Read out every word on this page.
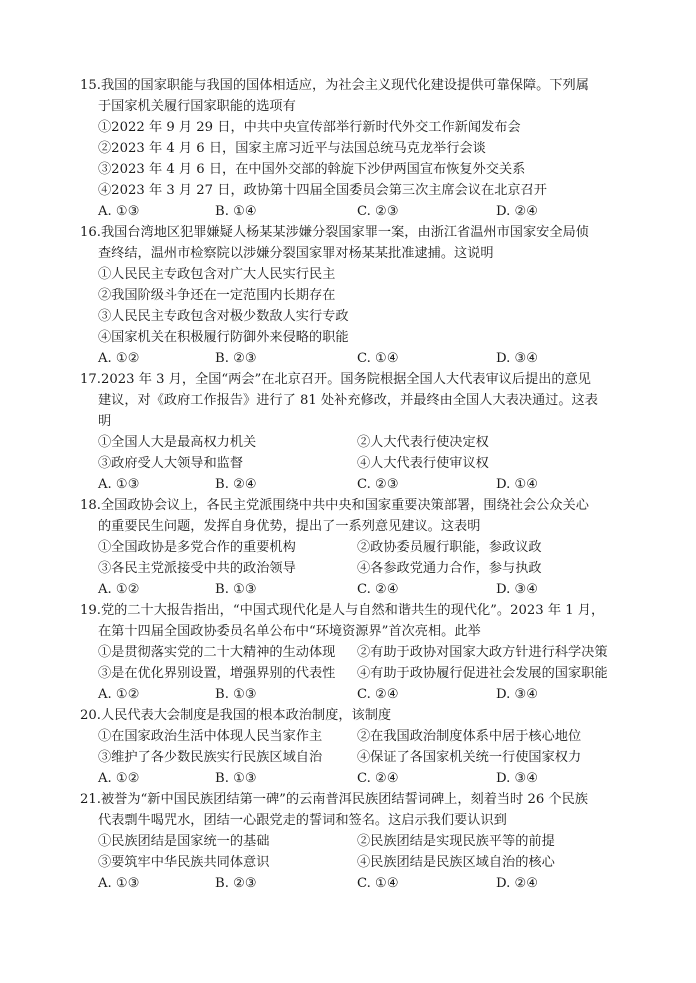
15.我国的国家职能与我国的国体相适应，为社会主义现代化建设提供可靠保障。下列属
于国家机关履行国家职能的选项有
①2022 年 9 月 29 日，中共中央宣传部举行新时代外交工作新闻发布会
②2023 年 4 月 6 日，国家主席习近平与法国总统马克龙举行会谈
③2023 年 4 月 6 日，在中国外交部的斡旋下沙伊两国宣布恢复外交关系
④2023 年 3 月 27 日，政协第十四届全国委员会第三次主席会议在北京召开
A. ①③	B. ①④	C. ②③	D. ②④
16.我国台湾地区犯罪嫌疑人杨某某涉嫌分裂国家罪一案，由浙江省温州市国家安全局侦
查终结，温州市检察院以涉嫌分裂国家罪对杨某某批准逮捕。这说明
①人民民主专政包含对广大人民实行民主
②我国阶级斗争还在一定范围内长期存在
③人民民主专政包含对极少数敌人实行专政
④国家机关在积极履行防御外来侵略的职能
A. ①②	B. ②③	C. ①④	D. ③④
17.2023 年 3 月，全国“两会”在北京召开。国务院根据全国人大代表审议后提出的意见
建议，对《政府工作报告》进行了 81 处补充修改，并最终由全国人大表决通过。这表
明
①全国人大是最高权力机关	②人大代表行使决定权
③政府受人大领导和监督	④人大代表行使审议权
A. ①③	B. ②④	C. ②③	D. ①④
18.全国政协会议上，各民主党派围绕中共中央和国家重要决策部署，围绕社会公众关心
的重要民生问题，发挥自身优势，提出了一系列意见建议。这表明
①全国政协是多党合作的重要机构	②政协委员履行职能，参政议政
③各民主党派接受中共的政治领导	④各参政党通力合作，参与执政
A. ①②	B. ①③	C. ②④	D. ③④
19.党的二十大报告指出，“中国式现代化是人与自然和谐共生的现代化”。2023 年 1 月，
在第十四届全国政协委员名单公布中“环境资源界”首次亮相。此举
①是贯彻落实党的二十大精神的生动体现 ②有助于政协对国家大政方针进行科学决策
③是在优化界别设置，增强界别的代表性 ④有助于政协履行促进社会发展的国家职能
A. ①②	B. ①③	C. ②④	D. ③④
20.人民代表大会制度是我国的根本政治制度，该制度
①在国家政治生活中体现人民当家作主	②在我国政治制度体系中居于核心地位
③维护了各少数民族实行民族区域自治	④保证了各国家机关统一行使国家权力
A. ①②	B. ①③	C. ②④	D. ③④
21.被誉为“新中国民族团结第一碑”的云南普洱民族团结誓词碑上，刻着当时 26 个民族
代表剽牛喝咒水，团结一心跟党走的誓词和签名。这启示我们要认识到
①民族团结是国家统一的基础	②民族团结是实现民族平等的前提
③要筑牢中华民族共同体意识	④民族团结是民族区域自治的核心
A. ①③	B. ②③	C. ①④	D. ②④
